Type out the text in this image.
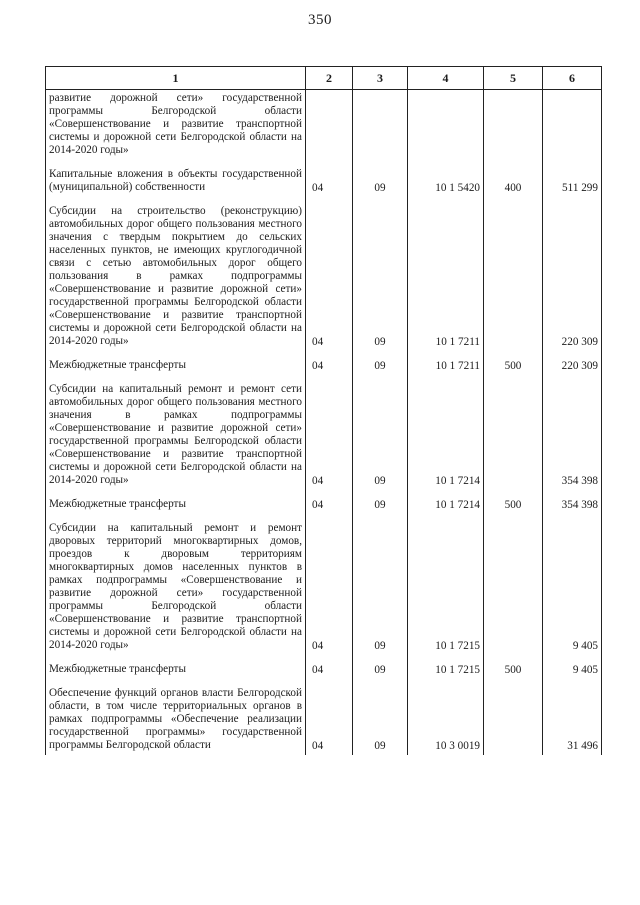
350
1	2	3	4	5	6
развитие дорожной сети» государственной программы Белгородской области «Совершенствование и развитие транспортной системы и дорожной сети Белгородской области на 2014-2020 годы»					
Капитальные вложения в объекты государственной (муниципальной) собственности	04	09	10 1 5420	400	511 299
Субсидии на строительство (реконструкцию) автомобильных дорог общего пользования местного значения с твердым покрытием до сельских населенных пунктов, не имеющих круглогодичной связи с сетью автомобильных дорог общего пользования в рамках подпрограммы «Совершенствование и развитие дорожной сети» государственной программы Белгородской области «Совершенствование и развитие транспортной системы и дорожной сети Белгородской области на 2014-2020 годы»	04	09	10 1 7211		220 309
Межбюджетные трансферты	04	09	10 1 7211	500	220 309
Субсидии на капитальный ремонт и ремонт сети автомобильных дорог общего пользования местного значения в рамках подпрограммы «Совершенствование и развитие дорожной сети» государственной программы Белгородской области «Совершенствование и развитие транспортной системы и дорожной сети Белгородской области на 2014-2020 годы»	04	09	10 1 7214		354 398
Межбюджетные трансферты	04	09	10 1 7214	500	354 398
Субсидии на капитальный ремонт и ремонт дворовых территорий многоквартирных домов, проездов к дворовым территориям многоквартирных домов населенных пунктов в рамках подпрограммы «Совершенствование и развитие дорожной сети» государственной программы Белгородской области «Совершенствование и развитие транспортной системы и дорожной сети Белгородской области на 2014-2020 годы»	04	09	10 1 7215		9 405
Межбюджетные трансферты	04	09	10 1 7215	500	9 405
Обеспечение функций органов власти Белгородской области, в том числе территориальных органов в рамках подпрограммы «Обеспечение реализации государственной программы» государственной программы Белгородской области	04	09	10 3 0019		31 496
